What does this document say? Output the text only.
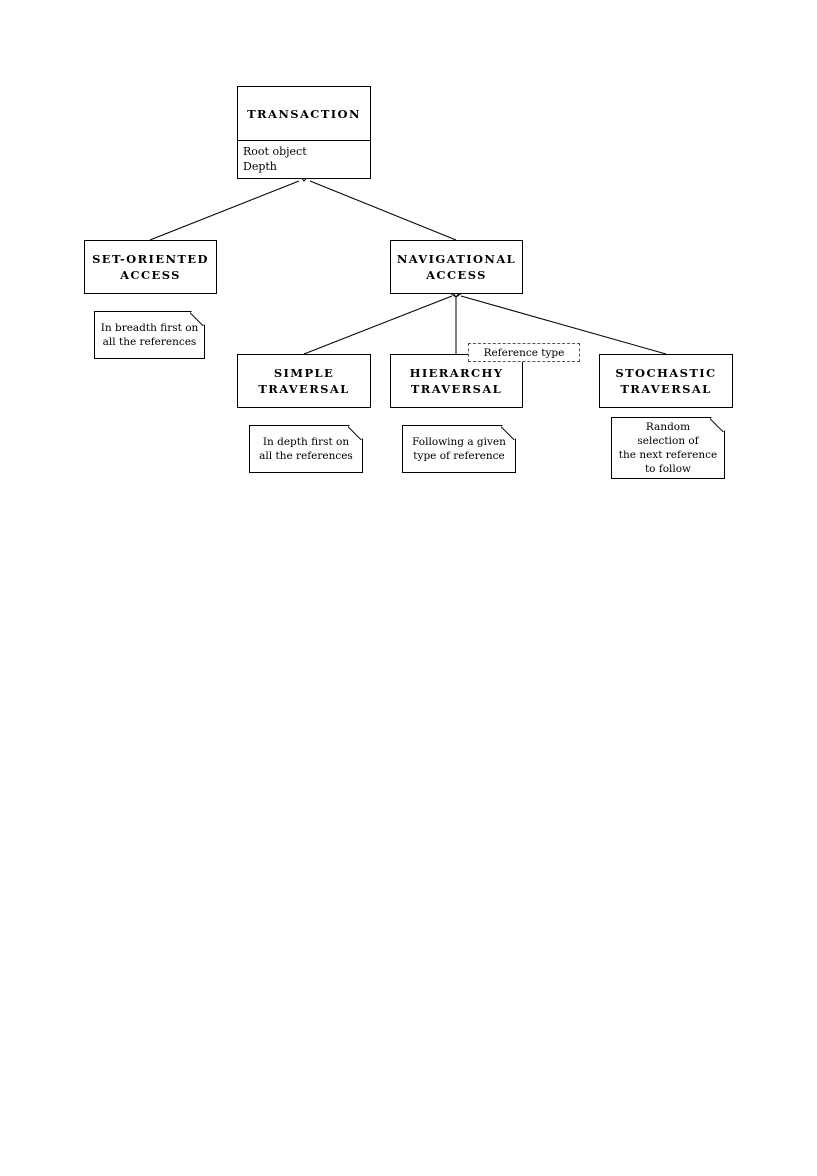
TRANSACTION
Root object
Depth
SET-ORIENTED
ACCESS
NAVIGATIONAL
ACCESS
SIMPLE
TRAVERSAL
HIERARCHY
TRAVERSAL
STOCHASTIC
TRAVERSAL
Reference type
In breadth first on
all the references
In depth first on
all the references
Following a given
type of reference
Random
selection of
the next reference
to follow
